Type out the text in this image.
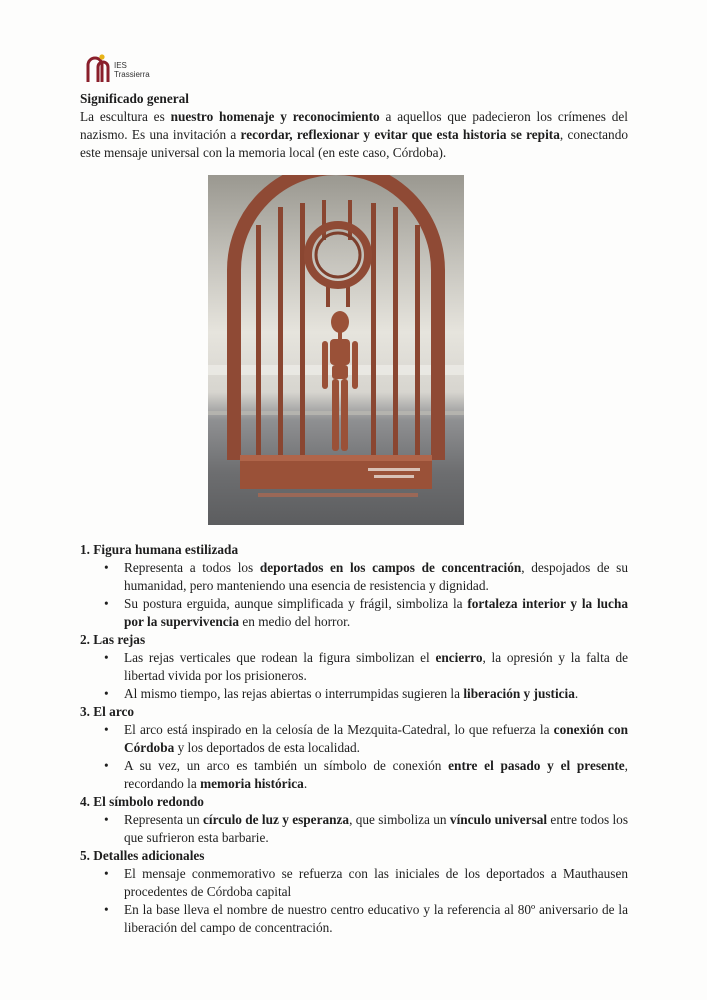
IES
Trassierra

Significado general

La escultura es nuestro homenaje y reconocimiento a aquellos que padecieron los crímenes del nazismo. Es una invitación a recordar, reflexionar y evitar que esta historia se repita, conectando este mensaje universal con la memoria local (en este caso, Córdoba).

1. Figura humana estilizada

• Representa a todos los deportados en los campos de concentración, despojados de su humanidad, pero manteniendo una esencia de resistencia y dignidad.

• Su postura erguida, aunque simplificada y frágil, simboliza la fortaleza interior y la lucha por la supervivencia en medio del horror.

2. Las rejas

• Las rejas verticales que rodean la figura simbolizan el encierro, la opresión y la falta de libertad vivida por los prisioneros.

• Al mismo tiempo, las rejas abiertas o interrumpidas sugieren la liberación y justicia.

3. El arco

• El arco está inspirado en la celosía de la Mezquita-Catedral, lo que refuerza la conexión con Córdoba y los deportados de esta localidad.

• A su vez, un arco es también un símbolo de conexión entre el pasado y el presente, recordando la memoria histórica.

4. El símbolo redondo

• Representa un círculo de luz y esperanza, que simboliza un vínculo universal entre todos los que sufrieron esta barbarie.

5. Detalles adicionales

• El mensaje conmemorativo se refuerza con las iniciales de los deportados a Mauthausen procedentes de Córdoba capital

• En la base lleva el nombre de nuestro centro educativo y la referencia al 80º aniversario de la liberación del campo de concentración.
